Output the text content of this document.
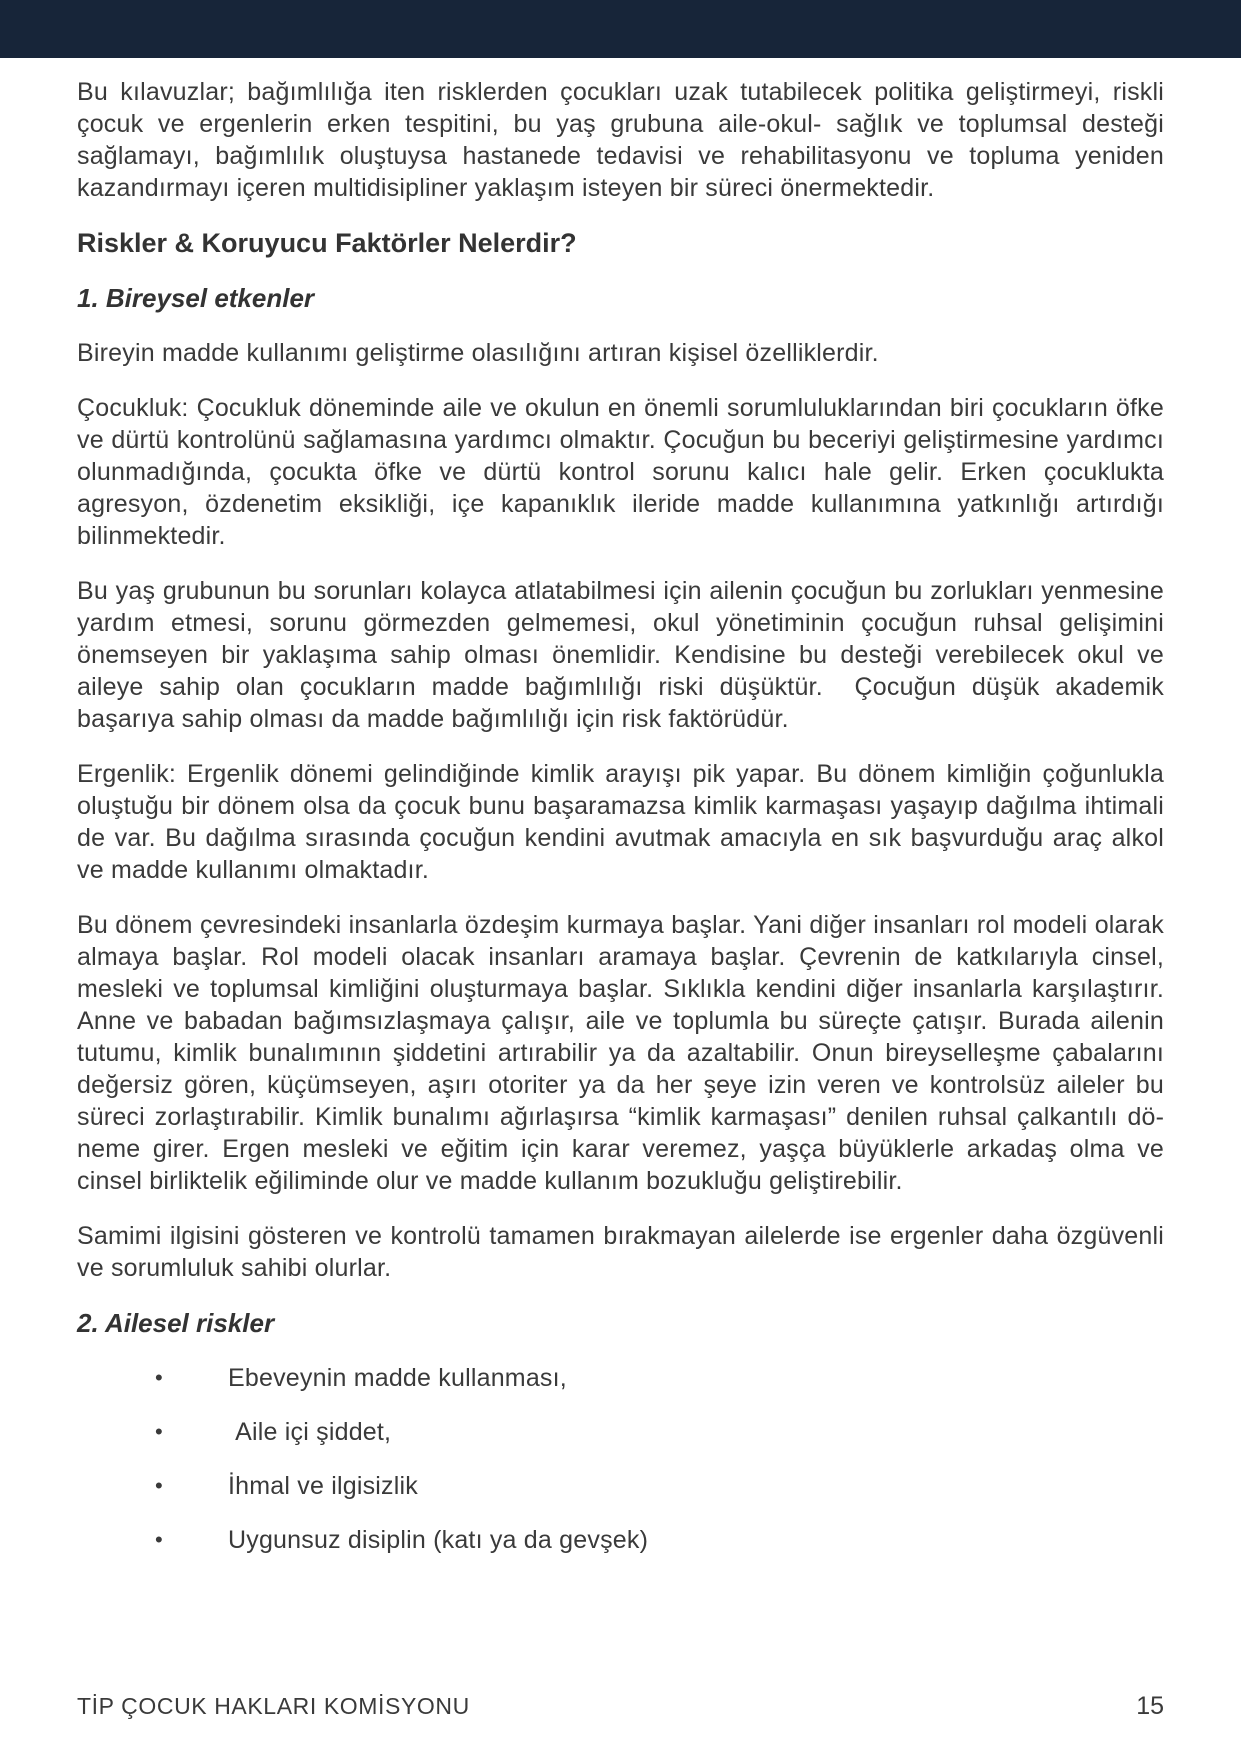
Bu kılavuzlar; bağımlılığa iten risklerden çocukları uzak tutabilecek politika geliştirmeyi, riskli çocuk ve ergenlerin erken tespitini, bu yaş grubuna aile-okul- sağlık ve toplumsal desteği sağlamayı, bağımlılık oluştuysa hastanede tedavisi ve rehabilitasyonu ve topluma yeniden kazandırmayı içeren multidisipliner yaklaşım isteyen bir süreci önermektedir.

Riskler & Koruyucu Faktörler Nelerdir?
1. Bireysel etkenler

Bireyin madde kullanımı geliştirme olasılığını artıran kişisel özelliklerdir.

Çocukluk: Çocukluk döneminde aile ve okulun en önemli sorumluluklarından biri çocukların öfke ve dürtü kontrolünü sağlamasına yardımcı olmaktır. Çocuğun bu beceriyi geliştirmesine yardımcı olunmadığında, çocukta öfke ve dürtü kontrol sorunu kalıcı hale gelir. Erken çocuklukta agresyon, özdenetim eksikliği, içe kapanıklık ileride madde kullanımına yatkınlığı artırdığı bilinmektedir.

Bu yaş grubunun bu sorunları kolayca atlatabilmesi için ailenin çocuğun bu zorlukları yenmesine yardım etmesi, sorunu görmezden gelmemesi, okul yönetiminin çocuğun ruhsal gelişimini önemseyen bir yaklaşıma sahip olması önemlidir. Kendisine bu desteği verebilecek okul ve aileye sahip olan çocukların madde bağımlılığı riski düşüktür.  Çocuğun düşük akademik başarıya sahip olması da madde bağımlılığı için risk faktörüdür.

Ergenlik: Ergenlik dönemi gelindiğinde kimlik arayışı pik yapar. Bu dönem kimliğin çoğunlukla oluştuğu bir dönem olsa da çocuk bunu başaramazsa kimlik karmaşası yaşayıp dağılma ihtimali de var. Bu dağılma sırasında çocuğun kendini avutmak amacıyla en sık başvurduğu araç alkol ve madde kullanımı olmaktadır.

Bu dönem çevresindeki insanlarla özdeşim kurmaya başlar. Yani diğer insanları rol modeli olarak almaya başlar. Rol modeli olacak insanları aramaya başlar. Çevrenin de katkılarıyla cinsel, mesleki ve toplumsal kimliğini oluşturmaya başlar. Sıklıkla kendini diğer insanlarla karşılaştırır. Anne ve babadan bağımsızlaşmaya çalışır, aile ve toplumla bu süreçte çatışır. Burada ailenin tutumu, kimlik bunalımının şiddetini artırabilir ya da azaltabilir. Onun bireyselleşme çabalarını değersiz gören, küçümseyen, aşırı otoriter ya da her şeye izin veren ve kontrolsüz aileler bu süreci zorlaştırabilir. Kimlik bunalımı ağırlaşırsa “kimlik karmaşası” denilen ruhsal çalkantılı döneme girer. Ergen mesleki ve eğitim için karar veremez, yaşça büyüklerle arkadaş olma ve cinsel birliktelik eğiliminde olur ve madde kullanım bozukluğu geliştirebilir.

Samimi ilgisini gösteren ve kontrolü tamamen bırakmayan ailelerde ise ergenler daha özgüvenli ve sorumluluk sahibi olurlar.

2. Ailesel riskler
•	Ebeveynin madde kullanması,
•	Aile içi şiddet,
•	İhmal ve ilgisizlik
•	Uygunsuz disiplin (katı ya da gevşek)
TİP ÇOCUK HAKLARI KOMİSYONU	15
